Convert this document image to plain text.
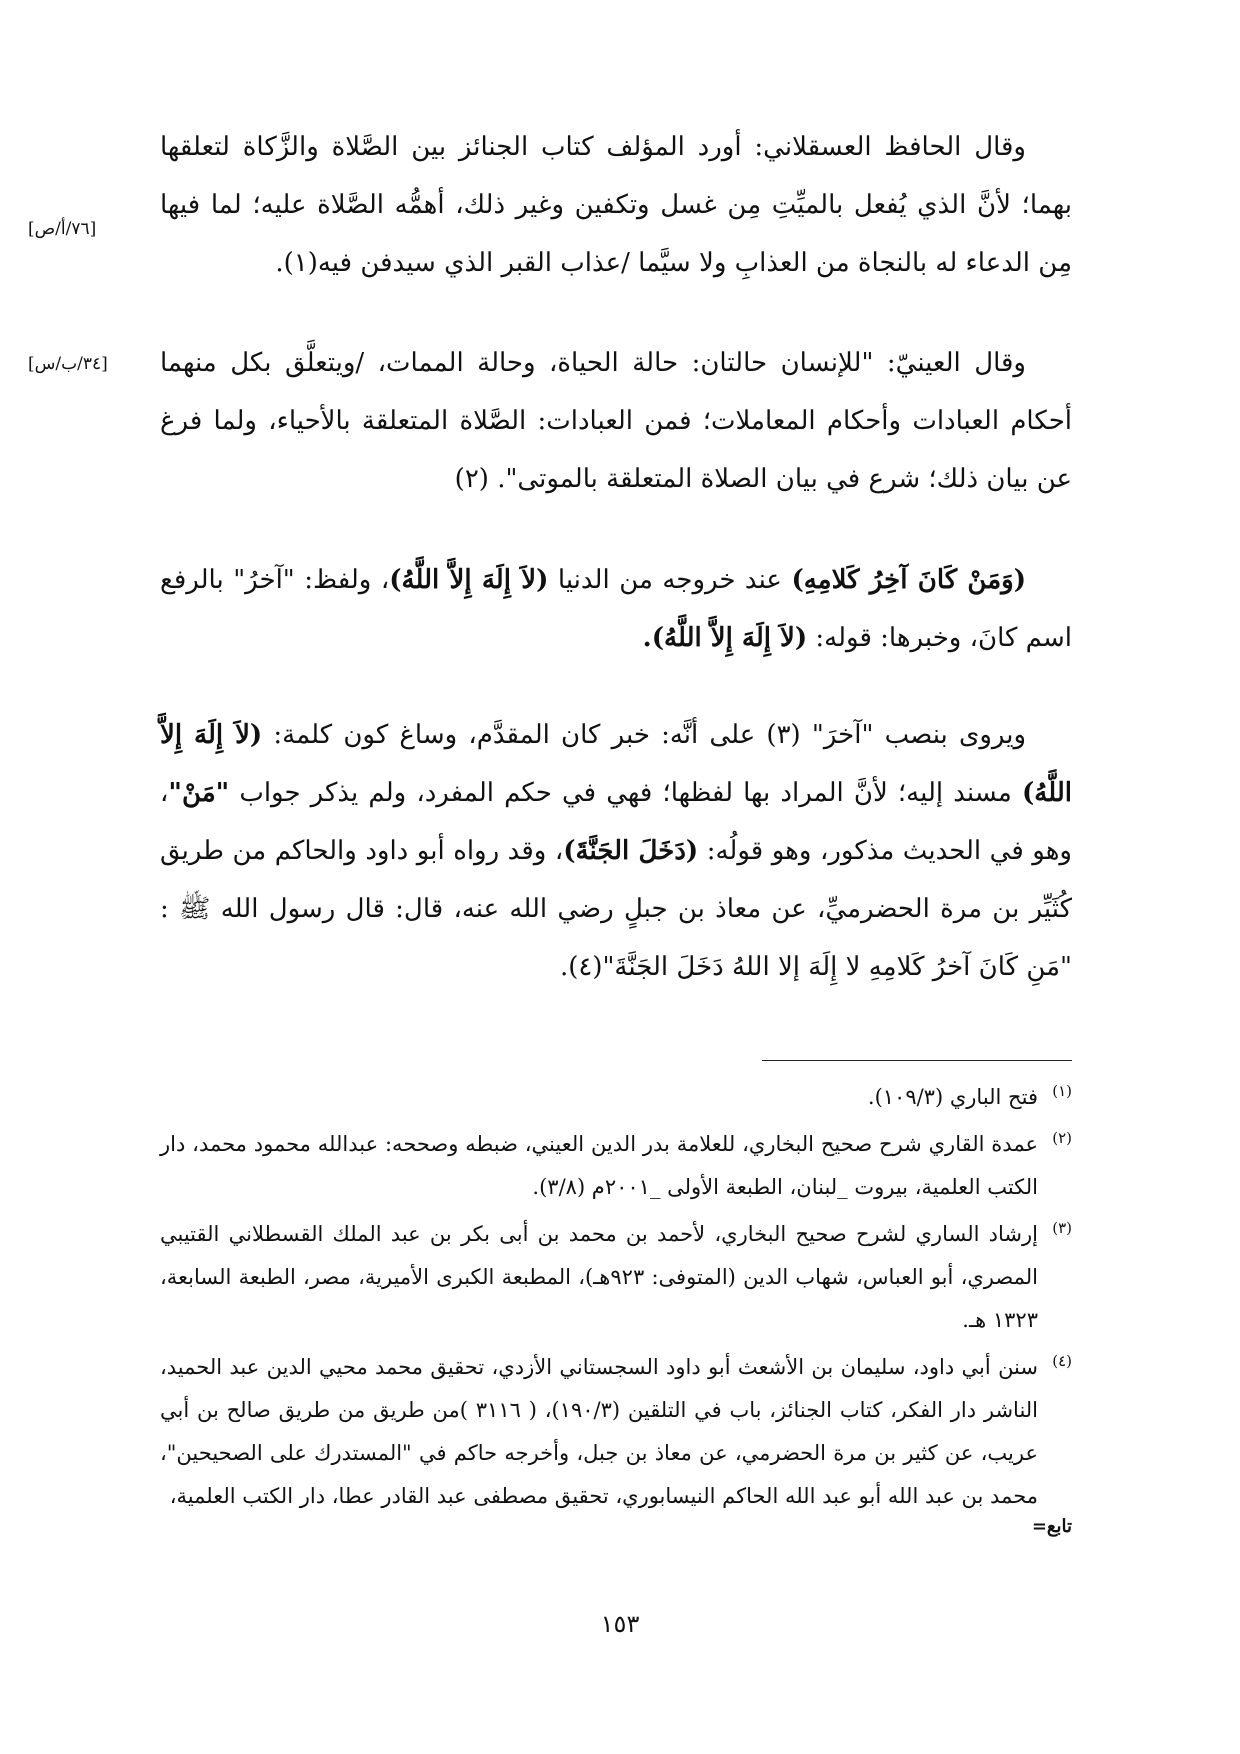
[٧٦/أ/ص]
[٣٤/ب/س]

وقال الحافظ العسقلاني: أورد المؤلف كتاب الجنائز بين الصَّلاة والزَّكاة لتعلقها بهما؛ لأنَّ الذي يُفعل بالميِّتِ مِن غسل وتكفين وغير ذلك، أهمُّه الصَّلاة عليه؛ لما فيها مِن الدعاء له بالنجاة من العذابِ ولا سيَّما /عذاب القبر الذي سيدفن فيه(١).

وقال العينيّ: "للإنسان حالتان: حالة الحياة، وحالة الممات، /ويتعلَّق بكل منهما أحكام العبادات وأحكام المعاملات؛ فمن العبادات: الصَّلاة المتعلقة بالأحياء، ولما فرغ عن بيان ذلك؛ شرع في بيان الصلاة المتعلقة بالموتى". (٢)

(وَمَنْ كَانَ آخِرُ كَلامِهِ) عند خروجه من الدنيا (لاَ إِلَهَ إِلاَّ اللَّهُ)، ولفظ: "آخرُ" بالرفع اسم كانَ، وخبرها: قوله: (لاَ إِلَهَ إِلاَّ اللَّهُ).

ويروى بنصب "آخرَ" (٣) على أنَّه: خبر كان المقدَّم، وساغ كون كلمة: (لاَ إِلَهَ إِلاَّ اللَّهُ) مسند إليه؛ لأنَّ المراد بها لفظها؛ فهي في حكم المفرد، ولم يذكر جواب "مَنْ"، وهو في الحديث مذكور، وهو قولُه: (دَخَلَ الجَنَّةَ)، وقد رواه أبو داود والحاكم من طريق كُثَيِّر بن مرة الحضرميِّ، عن معاذ بن جبلٍ رضي الله عنه، قال: قال رسول الله ﷺ : "مَنِ كَانَ آخرُ كَلامِهِ لا إِلَهَ إلا اللهُ دَخَلَ الجَنَّةَ"(٤).

(١)
فتح الباري (١٠٩/٣).

(٢)
عمدة القاري شرح صحيح البخاري، للعلامة بدر الدين العيني، ضبطه وصححه: عبدالله محمود محمد، دار الكتب العلمية، بيروت _لبنان، الطبعة الأولى _٢٠٠١م (٣/٨).

(٣)
إرشاد الساري لشرح صحيح البخاري، لأحمد بن محمد بن أبى بكر بن عبد الملك القسطلاني القتيبي المصري، أبو العباس، شهاب الدين (المتوفى: ٩٢٣هـ)، المطبعة الكبرى الأميرية، مصر، الطبعة السابعة، ١٣٢٣ هـ.

(٤)
سنن أبي داود، سليمان بن الأشعث أبو داود السجستاني الأزدي، تحقيق محمد محيي الدين عبد الحميد، الناشر دار الفكر، كتاب الجنائز، باب في التلقين (١٩٠/٣)، ( ٣١١٦ )من طريق من طريق صالح بن أبي عريب، عن كثير بن مرة الحضرمي، عن معاذ بن جبل، وأخرجه حاكم في "المستدرك على الصحيحين"، محمد بن عبد الله أبو عبد الله الحاكم النيسابوري، تحقيق مصطفى عبد القادر عطا، دار الكتب العلمية،

تابع=
١٥٣
